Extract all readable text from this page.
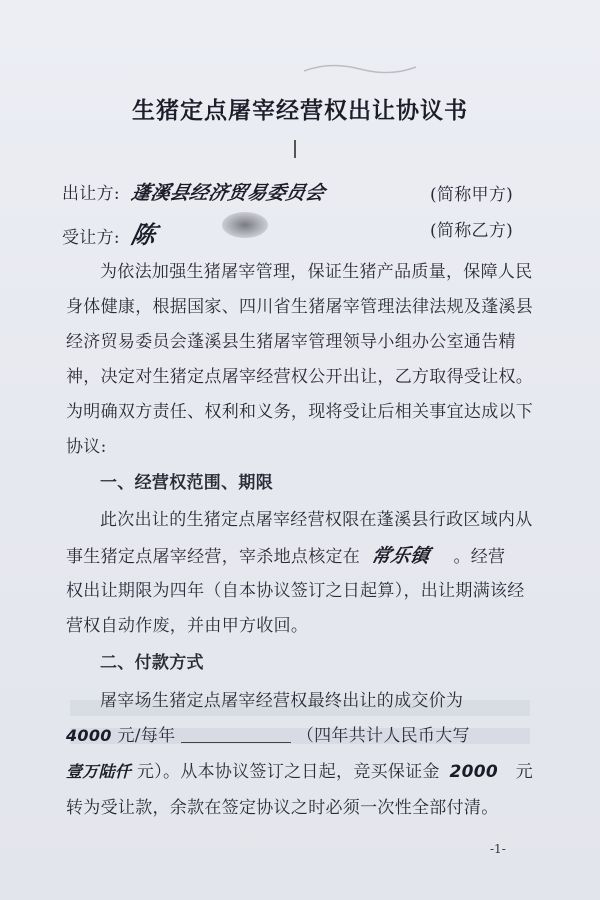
生猪定点屠宰经营权出让协议书
出让方: 蓬溪县经济贸易委员会	(简称甲方)
受让方: 陈	(简称乙方)
为依法加强生猪屠宰管理，保证生猪产品质量，保障人民
身体健康，根据国家、四川省生猪屠宰管理法律法规及蓬溪县
经济贸易委员会蓬溪县生猪屠宰管理领导小组办公室通告精
神，决定对生猪定点屠宰经营权公开出让，乙方取得受让权。
为明确双方责任、权利和义务，现将受让后相关事宜达成以下
协议:
一、经营权范围、期限
此次出让的生猪定点屠宰经营权限在蓬溪县行政区域内从
事生猪定点屠宰经营，宰杀地点核定在 常乐镇 。经营
权出让期限为四年（自本协议签订之日起算），出让期满该经
营权自动作废，并由甲方收回。
二、付款方式
屠宰场生猪定点屠宰经营权最终出让的成交价为
4000 元/每年	（四年共计人民币大写
壹万陆仟 元）。从本协议签订之日起，竞买保证金 2000 元
转为受让款，余款在签定协议之时必须一次性全部付清。
-1-
